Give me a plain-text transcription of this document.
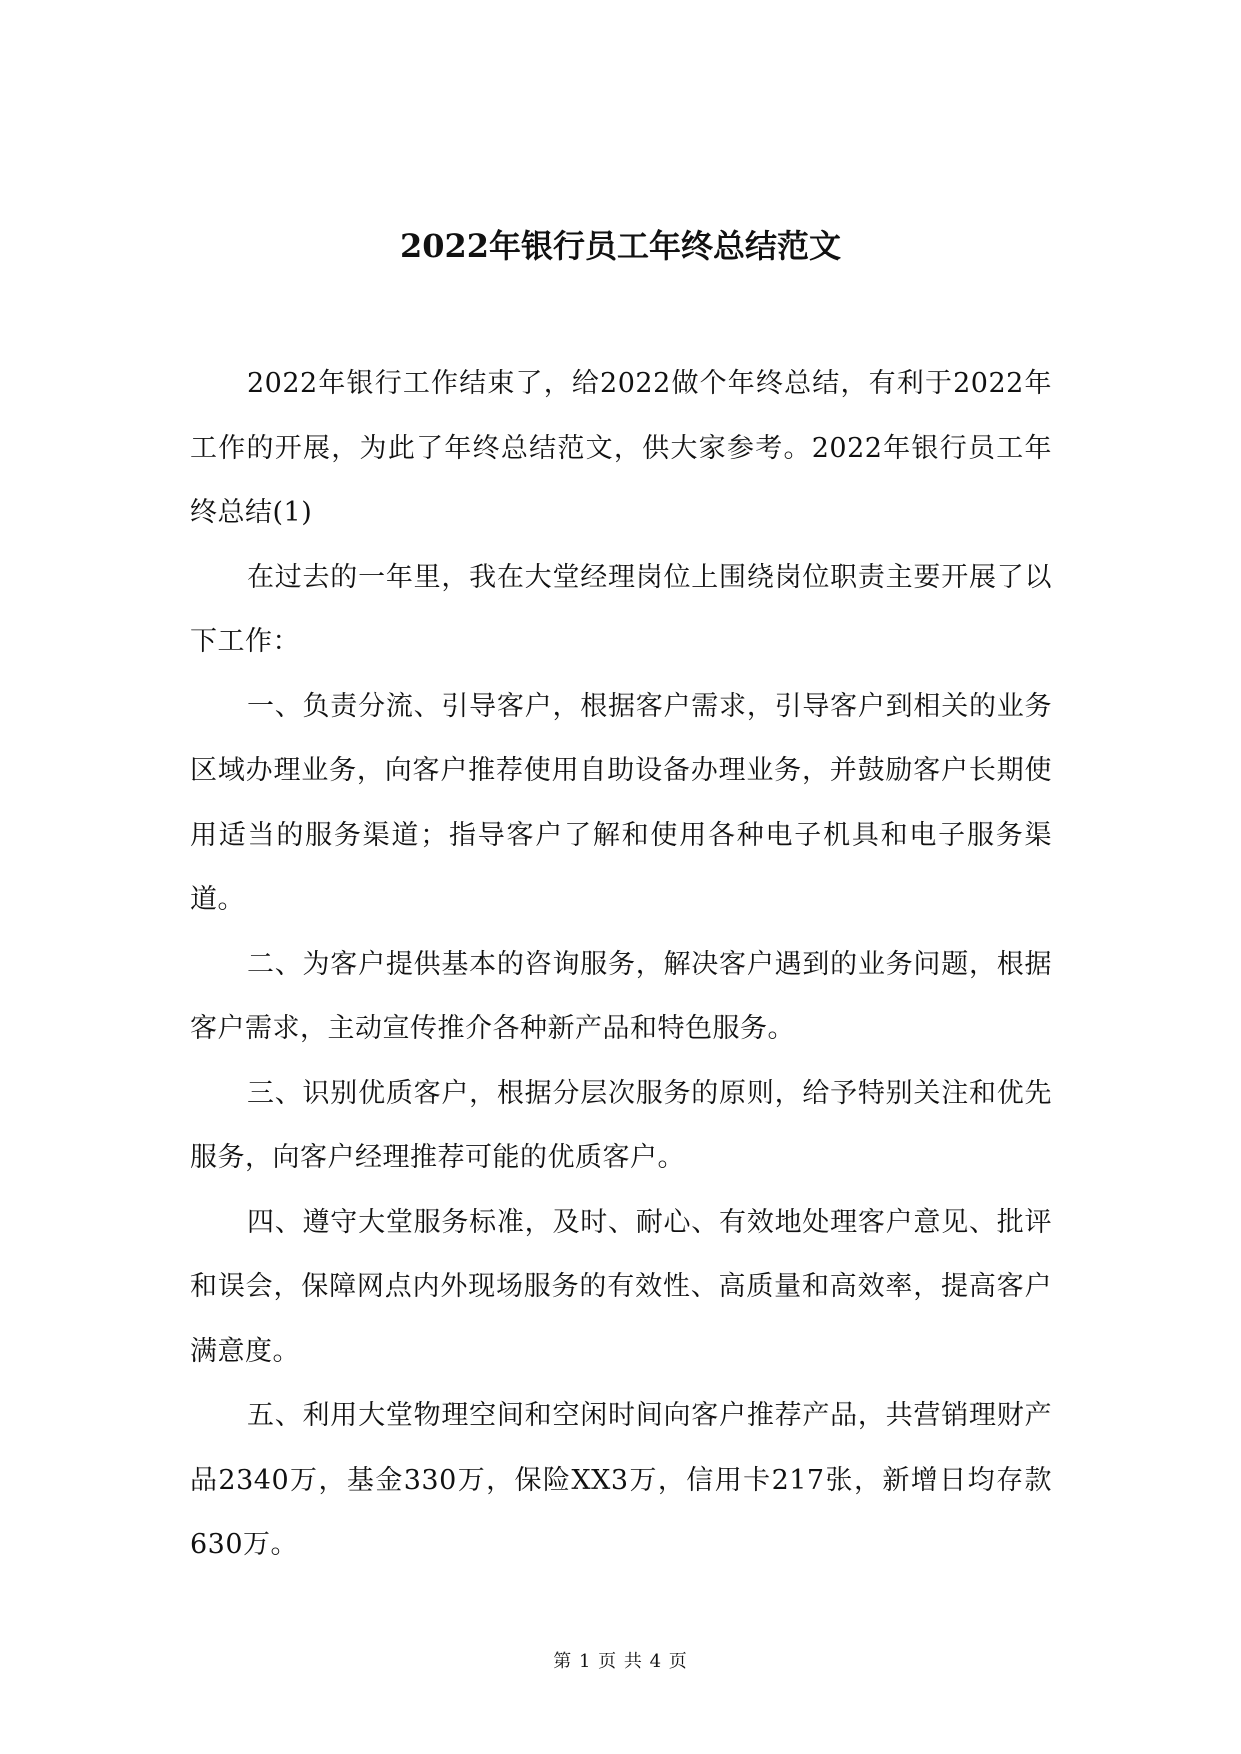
2022年银行员工年终总结范文

2022年银行工作结束了，给2022做个年终总结，有利于2022年工作的开展，为此了年终总结范文，供大家参考。2022年银行员工年终总结(1)

在过去的一年里，我在大堂经理岗位上围绕岗位职责主要开展了以下工作：

一、负责分流、引导客户，根据客户需求，引导客户到相关的业务区域办理业务，向客户推荐使用自助设备办理业务，并鼓励客户长期使用适当的服务渠道；指导客户了解和使用各种电子机具和电子服务渠道。

二、为客户提供基本的咨询服务，解决客户遇到的业务问题，根据客户需求，主动宣传推介各种新产品和特色服务。

三、识别优质客户，根据分层次服务的原则，给予特别关注和优先服务，向客户经理推荐可能的优质客户。

四、遵守大堂服务标准，及时、耐心、有效地处理客户意见、批评和误会，保障网点内外现场服务的有效性、高质量和高效率，提高客户满意度。

五、利用大堂物理空间和空闲时间向客户推荐产品，共营销理财产品2340万，基金330万，保险XX3万，信用卡217张，新增日均存款630万。

第 1 页 共 4 页
